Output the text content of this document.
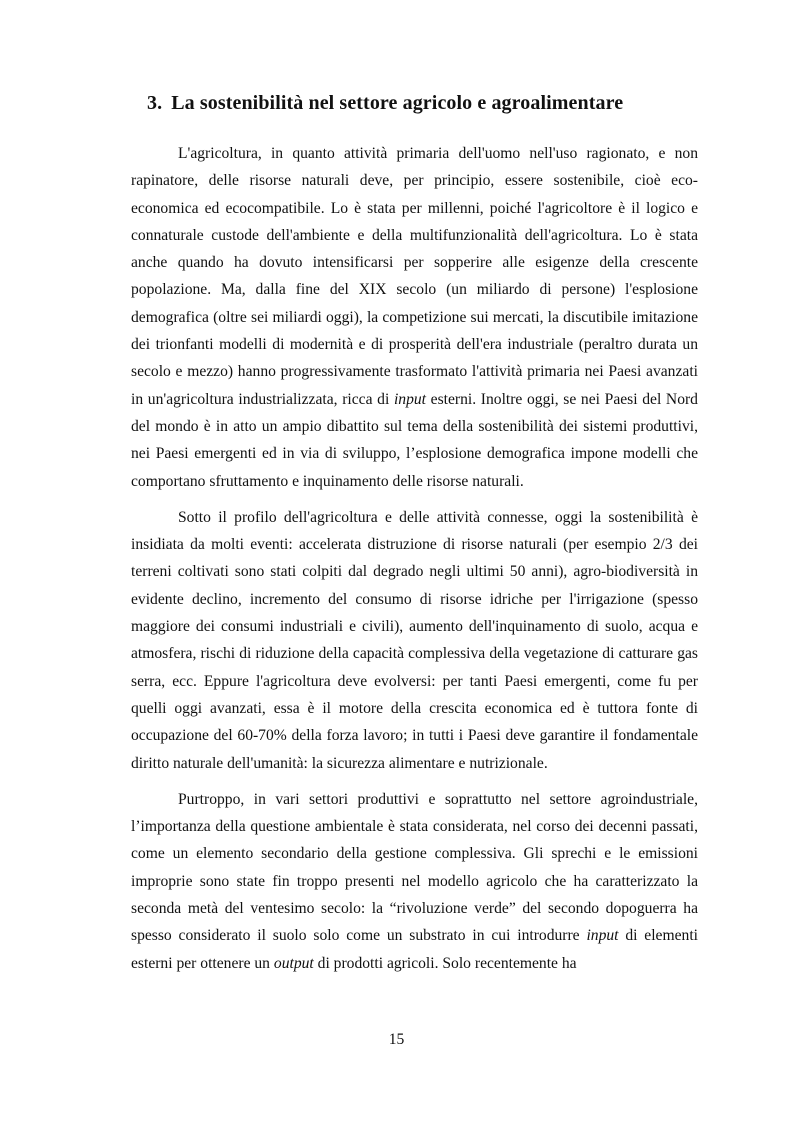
3. La sostenibilità nel settore agricolo e agroalimentare

L'agricoltura, in quanto attività primaria dell'uomo nell'uso ragionato, e non rapinatore, delle risorse naturali deve, per principio, essere sostenibile, cioè eco-economica ed ecocompatibile. Lo è stata per millenni, poiché l'agricoltore è il logico e connaturale custode dell'ambiente e della multifunzionalità dell'agricoltura. Lo è stata anche quando ha dovuto intensificarsi per sopperire alle esigenze della crescente popolazione. Ma, dalla fine del XIX secolo (un miliardo di persone) l'esplosione demografica (oltre sei miliardi oggi), la competizione sui mercati, la discutibile imitazione dei trionfanti modelli di modernità e di prosperità dell'era industriale (peraltro durata un secolo e mezzo) hanno progressivamente trasformato l'attività primaria nei Paesi avanzati in un'agricoltura industrializzata, ricca di input esterni. Inoltre oggi, se nei Paesi del Nord del mondo è in atto un ampio dibattito sul tema della sostenibilità dei sistemi produttivi, nei Paesi emergenti ed in via di sviluppo, l’esplosione demografica impone modelli che comportano sfruttamento e inquinamento delle risorse naturali.

Sotto il profilo dell'agricoltura e delle attività connesse, oggi la sostenibilità è insidiata da molti eventi: accelerata distruzione di risorse naturali (per esempio 2/3 dei terreni coltivati sono stati colpiti dal degrado negli ultimi 50 anni), agro-biodiversità in evidente declino, incremento del consumo di risorse idriche per l'irrigazione (spesso maggiore dei consumi industriali e civili), aumento dell'inquinamento di suolo, acqua e atmosfera, rischi di riduzione della capacità complessiva della vegetazione di catturare gas serra, ecc. Eppure l'agricoltura deve evolversi: per tanti Paesi emergenti, come fu per quelli oggi avanzati, essa è il motore della crescita economica ed è tuttora fonte di occupazione del 60-70% della forza lavoro; in tutti i Paesi deve garantire il fondamentale diritto naturale dell'umanità: la sicurezza alimentare e nutrizionale.

Purtroppo, in vari settori produttivi e soprattutto nel settore agroindustriale, l’importanza della questione ambientale è stata considerata, nel corso dei decenni passati, come un elemento secondario della gestione complessiva. Gli sprechi e le emissioni improprie sono state fin troppo presenti nel modello agricolo che ha caratterizzato la seconda metà del ventesimo secolo: la “rivoluzione verde” del secondo dopoguerra ha spesso considerato il suolo solo come un substrato in cui introdurre input di elementi esterni per ottenere un output di prodotti agricoli. Solo recentemente ha

15
